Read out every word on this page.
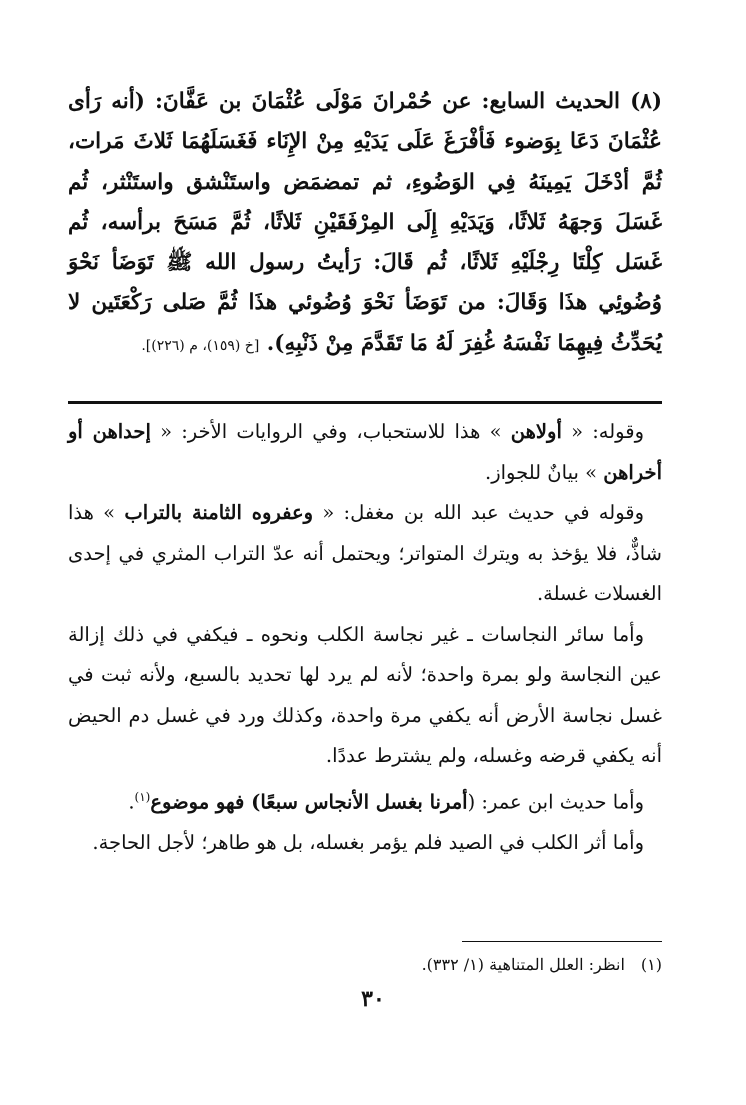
(٨) الحديث السابع: عن حُمْرانَ مَوْلَى عُثْمَانَ بن عَفَّانَ: (أنه رَأى عُثْمَانَ دَعَا بِوَضوء فَأفْرَغَ عَلَى يَدَيْهِ مِنْ الإِنَاء فَغَسَلَهُمَا ثَلاثَ مَرات، ثُمَّ أدْخَلَ يَمِينَهُ فِي الوَضُوءِ، ثم تمضمَض واستَنْشق واستَنْثر، ثُم غَسَلَ وَجهَهُ ثَلاثًا، وَيَدَيْهِ إِلَى المِرْفَقَيْنِ ثَلاثًا، ثُمَّ مَسَحَ برأسه، ثُم غَسَل كِلْتَا رِجْلَيْهِ ثَلاثًا، ثُم قَالَ: رَأيتُ رسول الله ﷺ تَوَضَأ نَحْوَ وُضُوئِي هذَا وَقَالَ: من تَوَضَأ نَحْوَ وُضُوئي هذَا ثُمَّ صَلى رَكْعَتَين لا يُحَدِّثُ فِيهِمَا نَفْسَهُ غُفِرَ لَهُ مَا تَقَدَّمَ مِنْ ذَنْبِهِ). [خ (١٥٩)، م (٢٢٦)].

وقوله: « أولاهن » هذا للاستحباب، وفي الروايات الأخر: « إحداهن أو أخراهن » بيانٌ للجواز.

وقوله في حديث عبد الله بن مغفل: « وعفروه الثامنة بالتراب » هذا شاذٌّ، فلا يؤخذ به ويترك المتواتر؛ ويحتمل أنه عدّ التراب المثري في إحدى الغسلات غسلة.

وأما سائر النجاسات ـ غير نجاسة الكلب ونحوه ـ فيكفي في ذلك إزالة عين النجاسة ولو بمرة واحدة؛ لأنه لم يرد لها تحديد بالسبع، ولأنه ثبت في غسل نجاسة الأرض أنه يكفي مرة واحدة، وكذلك ورد في غسل دم الحيض أنه يكفي قرضه وغسله، ولم يشترط عددًا.

وأما حديث ابن عمر: (أمرنا بغسل الأنجاس سبعًا) فهو موضوع$^{(١)}$.

وأما أثر الكلب في الصيد فلم يؤمر بغسله، بل هو طاهر؛ لأجل الحاجة.

(١)انظر: العلل المتناهية (١/ ٣٣٢).
٣٠
